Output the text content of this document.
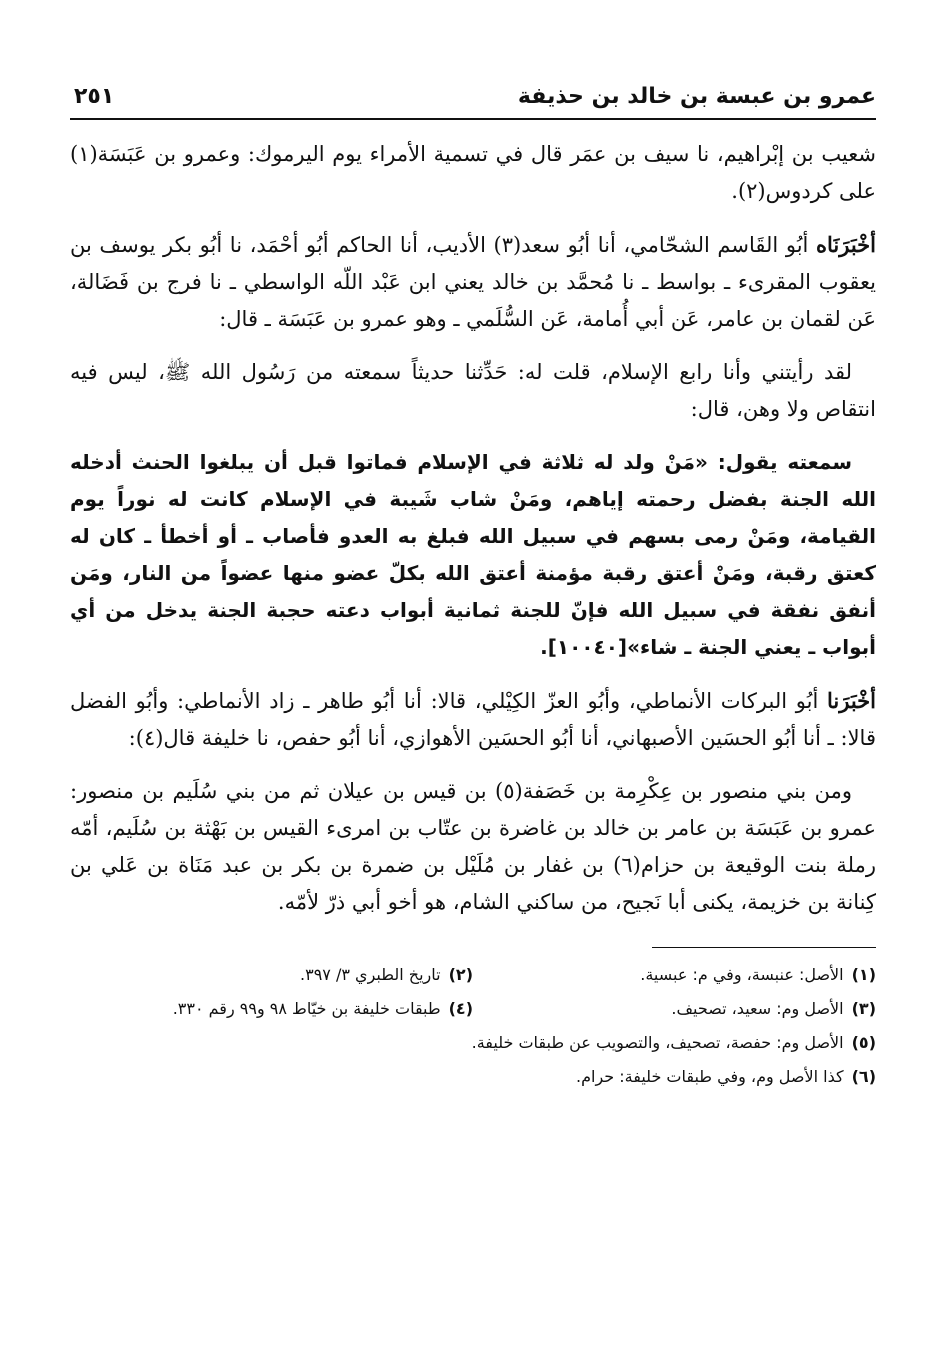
عمرو بن عبسة بن خالد بن حذيفة
٢٥١

شعيب بن إبْراهيم، نا سيف بن عمَر قال في تسمية الأمراء يوم اليرموك: وعمرو بن عَبَسَة(١) على كردوس(٢).

أخْبَرَنَاه أبُو القَاسم الشحّامي، أنا أبُو سعد(٣) الأديب، أنا الحاكم أبُو أحْمَد، نا أبُو بكر يوسف بن يعقوب المقرىء ـ بواسط ـ نا مُحمَّد بن خالد يعني ابن عَبْد اللّه الواسطي ـ نا فرج بن فَضَالة، عَن لقمان بن عامر، عَن أبي أُمامة، عَن السُّلَمي ـ وهو عمرو بن عَبَسَة ـ قال:

لقد رأيتني وأنا رابع الإسلام، قلت له: حَدِّثنا حديثاً سمعته من رَسُول الله ﷺ، ليس فيه انتقاص ولا وهن، قال:

سمعته يقول: «مَنْ ولد له ثلاثة في الإسلام فماتوا قبل أن يبلغوا الحنث أدخله الله الجنة بفضل رحمته إياهم، ومَنْ شاب شَيبة في الإسلام كانت له نوراً يوم القيامة، ومَنْ رمى بسهم في سبيل الله فبلغ به العدو فأصاب ـ أو أخطأ ـ كان له كعتق رقبة، ومَنْ أعتق رقبة مؤمنة أعتق الله بكلّ عضو منها عضواً من النار، ومَن أنفق نفقة في سبيل الله فإنّ للجنة ثمانية أبواب دعته حجبة الجنة يدخل من أي أبواب ـ يعني الجنة ـ شاء»[١٠٠٤٠].

أخْبَرَنا أبُو البركات الأنماطي، وأبُو العزّ الكِيْلي، قالا: أنا أبُو طاهر ـ زاد الأنماطي: وأبُو الفضل قالا: ـ أنا أبُو الحسَين الأصبهاني، أنا أبُو الحسَين الأهوازي، أنا أبُو حفص، نا خليفة قال(٤):

ومن بني منصور بن عِكْرِمة بن خَصَفة(٥) بن قيس بن عيلان ثم من بني سُلَيم بن منصور: عمرو بن عَبَسَة بن عامر بن خالد بن غاضرة بن عتّاب بن امرىء القيس بن بَهْثة بن سُلَيم، أمّه رملة بنت الوقيعة بن حزام(٦) بن غفار بن مُلَيْل بن ضمرة بن بكر بن عبد مَنَاة بن عَلي بن كِنانة بن خزيمة، يكنى أبا نَجيح، من ساكني الشام، هو أخو أبي ذرّ لأمّه.

(١)الأصل: عنبسة، وفي م: عبسية.
(٢)تاريخ الطبري ٣/ ٣٩٧.
(٣)الأصل وم: سعيد، تصحيف.
(٤)طبقات خليفة بن خيّاط ٩٨ و٩٩ رقم ٣٣٠.
(٥)الأصل وم: حفصة، تصحيف، والتصويب عن طبقات خليفة.
(٦)كذا الأصل وم، وفي طبقات خليفة: حرام.
